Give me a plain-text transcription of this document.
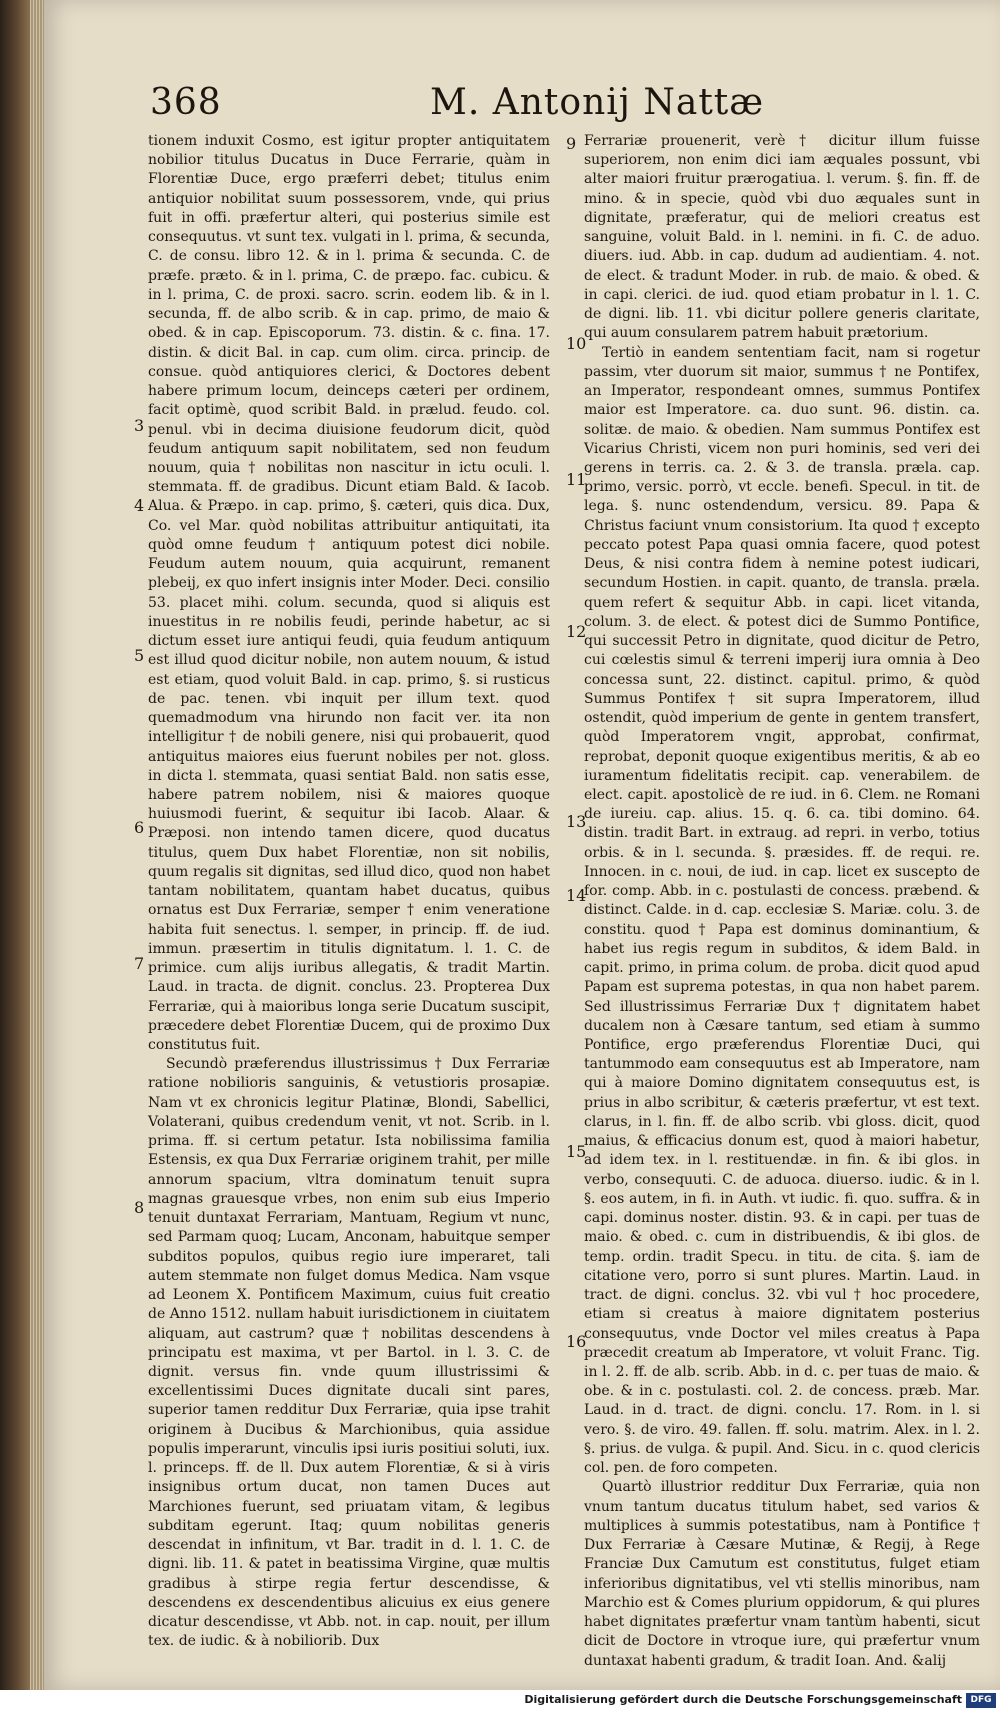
368	M. Antonij Nattæ

tionem induxit Cosmo, est igitur propter antiquitatem nobilior titulus Ducatus in Duce Ferrarie, quàm in Florentiæ Duce, ergo præferri debet; titulus enim antiquior nobilitat suum possessorem, vnde, qui prius fuit in offi. præfertur alteri, qui posterius simile est consequutus. vt sunt tex. vulgati in l. prima, & secunda, C. de consu. libro 12. & in l. prima & secunda. C. de præfe. præto. & in l. prima, C. de præpo. fac. cubicu. & in l. prima, C. de proxi. sacro. scrin. eodem lib. & in l. secunda, ff. de albo scrib. & in cap. primo, de maio & obed. & in cap. Episcoporum. 73. distin. & c. fina. 17. distin. & dicit Bal. in cap. cum olim. circa. princip. de consue. quòd antiquiores clerici, & Doctores debent habere primum locum, deinceps cæteri per ordinem, facit optimè, quod scribit Bald. in prælud. feudo. col. penul. vbi in decima diuisione feudorum dicit, quòd feudum antiquum sapit nobilitatem, sed non feudum nouum, quia † nobilitas non nascitur in ictu oculi. l. stemmata. ff. de gradibus. Dicunt etiam Bald. & Iacob. Alua. & Præpo. in cap. primo, §. cæteri, quis dica. Dux, Co. vel Mar. quòd nobilitas attribuitur antiquitati, ita quòd omne feudum † antiquum potest dici nobile. Feudum autem nouum, quia acquirunt, remanent plebeij, ex quo infert insignis inter Moder. Deci. consilio 53. placet mihi. colum. secunda, quod si aliquis est inuestitus in re nobilis feudi, perinde habetur, ac si dictum esset iure antiqui feudi, quia feudum antiquum est illud quod dicitur nobile, non autem nouum, & istud est etiam, quod voluit Bald. in cap. primo, §. si rusticus de pac. tenen. vbi inquit per illum text. quod quemadmodum vna hirundo non facit ver. ita non intelligitur † de nobili genere, nisi qui probauerit, quod antiquitus maiores eius fuerunt nobiles per not. gloss. in dicta l. stemmata, quasi sentiat Bald. non satis esse, habere patrem nobilem, nisi & maiores quoque huiusmodi fuerint, & sequitur ibi Iacob. Alaar. & Præposi. non intendo tamen dicere, quod ducatus titulus, quem Dux habet Florentiæ, non sit nobilis, quum regalis sit dignitas, sed illud dico, quod non habet tantam nobilitatem, quantam habet ducatus, quibus ornatus est Dux Ferrariæ, semper † enim veneratione habita fuit senectus. l. semper, in princip. ff. de iud. immun. præsertim in titulis dignitatum. l. 1. C. de primice. cum alijs iuribus allegatis, & tradit Martin. Laud. in tracta. de dignit. conclus. 23. Propterea Dux Ferrariæ, qui à maioribus longa serie Ducatum suscipit, præcedere debet Florentiæ Ducem, qui de proximo Dux constitutus fuit.

Secundò præferendus illustrissimus † Dux Ferrariæ ratione nobilioris sanguinis, & vetustioris prosapiæ. Nam vt ex chronicis legitur Platinæ, Blondi, Sabellici, Volaterani, quibus credendum venit, vt not. Scrib. in l. prima. ff. si certum petatur. Ista nobilissima familia Estensis, ex qua Dux Ferrariæ originem trahit, per mille annorum spacium, vltra dominatum tenuit supra magnas grauesque vrbes, non enim sub eius Imperio tenuit duntaxat Ferrariam, Mantuam, Regium vt nunc, sed Parmam quoq; Lucam, Anconam, habuitque semper subditos populos, quibus regio iure imperaret, tali autem stemmate non fulget domus Medica. Nam vsque ad Leonem X. Pontificem Maximum, cuius fuit creatio de Anno 1512. nullam habuit iurisdictionem in ciuitatem aliquam, aut castrum? quæ † nobilitas descendens à principatu est maxima, vt per Bartol. in l. 3. C. de dignit. versus fin. vnde quum illustrissimi & excellentissimi Duces dignitate ducali sint pares, superior tamen redditur Dux Ferrariæ, quia ipse trahit originem à Ducibus & Marchionibus, quia assidue populis imperarunt, vinculis ipsi iuris positiui soluti, iux. l. princeps. ff. de ll. Dux autem Florentiæ, & si à viris insignibus ortum ducat, non tamen Duces aut Marchiones fuerunt, sed priuatam vitam, & legibus subditam egerunt. Itaq; quum nobilitas generis descendat in infinitum, vt Bar. tradit in d. l. 1. C. de digni. lib. 11. & patet in beatissima Virgine, quæ multis gradibus à stirpe regia fertur descendisse, & descendens ex descendentibus alicuius ex eius genere dicatur descendisse, vt Abb. not. in cap. nouit, per illum tex. de iudic. & à nobiliorib. Dux

Ferrariæ prouenerit, verè † dicitur illum fuisse superiorem, non enim dici iam æquales possunt, vbi alter maiori fruitur prærogatiua. l. verum. §. fin. ff. de mino. & in specie, quòd vbi duo æquales sunt in dignitate, præferatur, qui de meliori creatus est sanguine, voluit Bald. in l. nemini. in fi. C. de aduo. diuers. iud. Abb. in cap. dudum ad audientiam. 4. not. de elect. & tradunt Moder. in rub. de maio. & obed. & in capi. clerici. de iud. quod etiam probatur in l. 1. C. de digni. lib. 11. vbi dicitur pollere generis claritate, qui auum consularem patrem habuit prætorium.

Tertiò in eandem sententiam facit, nam si rogetur passim, vter duorum sit maior, summus † ne Pontifex, an Imperator, respondeant omnes, summus Pontifex maior est Imperatore. ca. duo sunt. 96. distin. ca. solitæ. de maio. & obedien. Nam summus Pontifex est Vicarius Christi, vicem non puri hominis, sed veri dei gerens in terris. ca. 2. & 3. de transla. præla. cap. primo, versic. porrò, vt eccle. benefi. Specul. in tit. de lega. §. nunc ostendendum, versicu. 89. Papa & Christus faciunt vnum consistorium. Ita quod † excepto peccato potest Papa quasi omnia facere, quod potest Deus, & nisi contra fidem à nemine potest iudicari, secundum Hostien. in capit. quanto, de transla. præla. quem refert & sequitur Abb. in capi. licet vitanda, colum. 3. de elect. & potest dici de Summo Pontifice, qui successit Petro in dignitate, quod dicitur de Petro, cui cœlestis simul & terreni imperij iura omnia à Deo concessa sunt, 22. distinct. capitul. primo, & quòd Summus Pontifex † sit supra Imperatorem, illud ostendit, quòd imperium de gente in gentem transfert, quòd Imperatorem vngit, approbat, confirmat, reprobat, deponit quoque exigentibus meritis, & ab eo iuramentum fidelitatis recipit. cap. venerabilem. de elect. capit. apostolicè de re iud. in 6. Clem. ne Romani de iureiu. cap. alius. 15. q. 6. ca. tibi domino. 64. distin. tradit Bart. in extraug. ad repri. in verbo, totius orbis. & in l. secunda. §. præsides. ff. de requi. re. Innocen. in c. noui, de iud. in cap. licet ex suscepto de for. comp. Abb. in c. postulasti de concess. præbend. & distinct. Calde. in d. cap. ecclesiæ S. Mariæ. colu. 3. de constitu. quod † Papa est dominus dominantium, & habet ius regis regum in subditos, & idem Bald. in capit. primo, in prima colum. de proba. dicit quod apud Papam est suprema potestas, in qua non habet parem. Sed illustrissimus Ferrariæ Dux † dignitatem habet ducalem non à Cæsare tantum, sed etiam à summo Pontifice, ergo præferendus Florentiæ Duci, qui tantummodo eam consequutus est ab Imperatore, nam qui à maiore Domino dignitatem consequutus est, is prius in albo scribitur, & cæteris præfertur, vt est text. clarus, in l. fin. ff. de albo scrib. vbi gloss. dicit, quod maius, & efficacius donum est, quod à maiori habetur, ad idem tex. in l. restituendæ. in fin. & ibi glos. in verbo, consequuti. C. de aduoca. diuerso. iudic. & in l. §. eos autem, in fi. in Auth. vt iudic. fi. quo. suffra. & in capi. dominus noster. distin. 93. & in capi. per tuas de maio. & obed. c. cum in distribuendis, & ibi glos. de temp. ordin. tradit Specu. in titu. de cita. §. iam de citatione vero, porro si sunt plures. Martin. Laud. in tract. de digni. conclus. 32. vbi vul † hoc procedere, etiam si creatus à maiore dignitatem posterius consequutus, vnde Doctor vel miles creatus à Papa præcedit creatum ab Imperatore, vt voluit Franc. Tig. in l. 2. ff. de alb. scrib. Abb. in d. c. per tuas de maio. & obe. & in c. postulasti. col. 2. de concess. præb. Mar. Laud. in d. tract. de digni. conclu. 17. Rom. in l. si vero. §. de viro. 49. fallen. ff. solu. matrim. Alex. in l. 2. §. prius. de vulga. & pupil. And. Sicu. in c. quod clericis col. pen. de foro competen.

Quartò illustrior redditur Dux Ferrariæ, quia non vnum tantum ducatus titulum habet, sed varios & multiplices à summis potestatibus, nam à Pontifice † Dux Ferrariæ à Cæsare Mutinæ, & Regij, à Rege Franciæ Dux Camutum est constitutus, fulget etiam inferioribus dignitatibus, vel vti stellis minoribus, nam Marchio est & Comes plurium oppidorum, & qui plures habet dignitates præfertur vnam tantùm habenti, sicut dicit de Doctore in vtroque iure, qui præfertur vnum duntaxat habenti gradum, & tradit Ioan. And. &alij

3
4
5
6
7
8
9
10
11
12
13
14
15
16
Digitalisierung gefördert durch die Deutsche Forschungsgemeinschaft DFG
